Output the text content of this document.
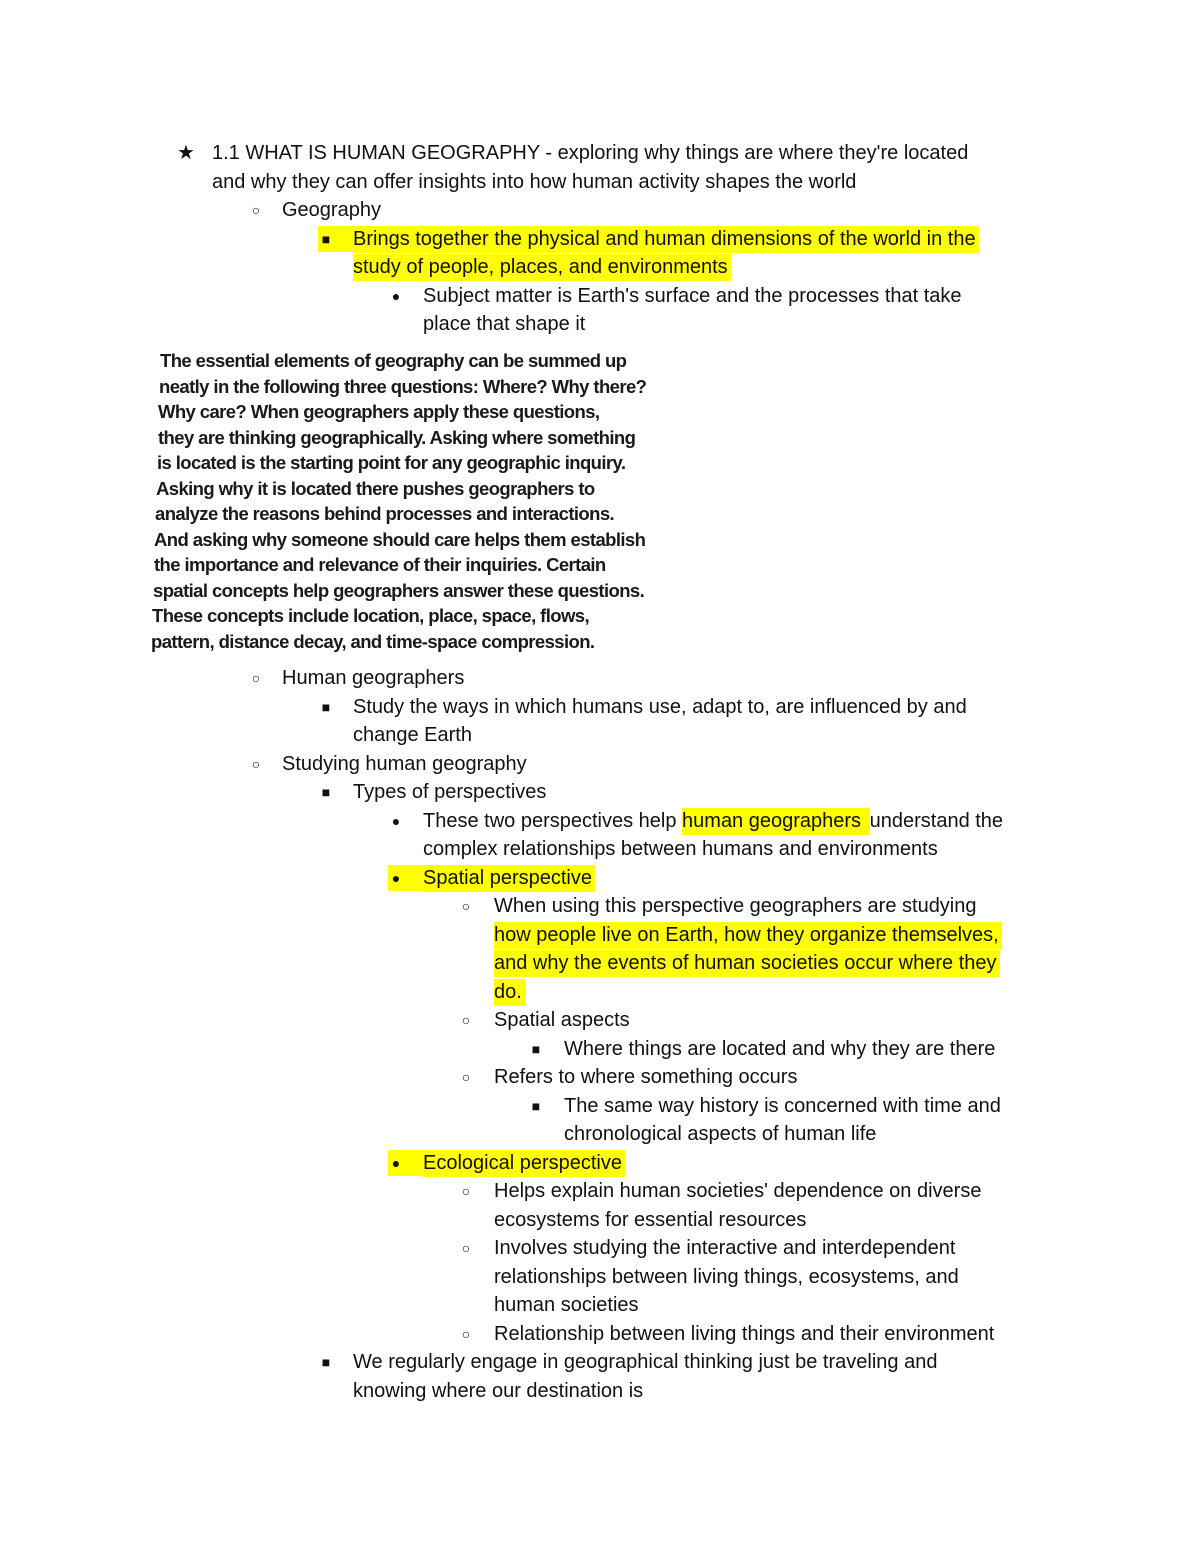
★ 1.1 WHAT IS HUMAN GEOGRAPHY - exploring why things are where they're located
and why they can offer insights into how human activity shapes the world
○ Geography
■ Brings together the physical and human dimensions of the world in the
study of people, places, and environments
● Subject matter is Earth's surface and the processes that take
place that shape it
The essential elements of geography can be summed up
neatly in the following three questions: Where? Why there?
Why care? When geographers apply these questions,
they are thinking geographically. Asking where something
is located is the starting point for any geographic inquiry.
Asking why it is located there pushes geographers to
analyze the reasons behind processes and interactions.
And asking why someone should care helps them establish
the importance and relevance of their inquiries. Certain
spatial concepts help geographers answer these questions.
These concepts include location, place, space, flows,
pattern, distance decay, and time-space compression.
○ Human geographers
■ Study the ways in which humans use, adapt to, are influenced by and
change Earth
○ Studying human geography
■ Types of perspectives
● These two perspectives help human geographers understand the
complex relationships between humans and environments
● Spatial perspective
○ When using this perspective geographers are studying
how people live on Earth, how they organize themselves,
and why the events of human societies occur where they
do.
○ Spatial aspects
■ Where things are located and why they are there
○ Refers to where something occurs
■ The same way history is concerned with time and
chronological aspects of human life
● Ecological perspective
○ Helps explain human societies' dependence on diverse
ecosystems for essential resources
○ Involves studying the interactive and interdependent
relationships between living things, ecosystems, and
human societies
○ Relationship between living things and their environment
■ We regularly engage in geographical thinking just be traveling and
knowing where our destination is
